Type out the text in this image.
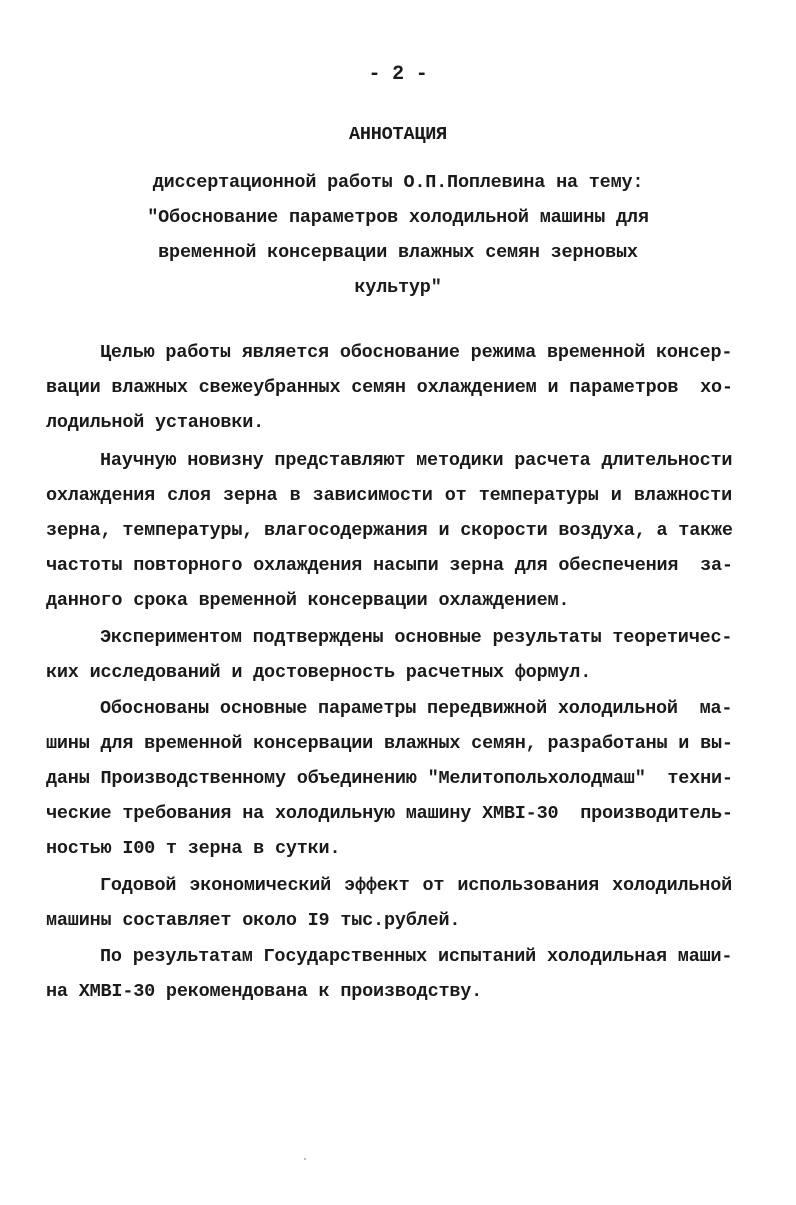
- 2 -
АННОТАЦИЯ
диссертационной работы О.П.Поплевина на тему:
"Обоснование параметров холодильной машины для
временной консервации влажных семян зерновых
культур"
Целью работы является обоснование режима временной консер-
вации влажных свежеубранных семян охлаждением и параметров  хо-
лодильной установки.
Научную новизну представляют методики расчета длительности
охлаждения слоя зерна в зависимости от температуры и влажности
зерна, температуры, влагосодержания и скорости воздуха, а также
частоты повторного охлаждения насыпи зерна для обеспечения  за-
данного срока временной консервации охлаждением.
Экспериментом подтверждены основные результаты теоретичес-
ких исследований и достоверность расчетных формул.
Обоснованы основные параметры передвижной холодильной  ма-
шины для временной консервации влажных семян, разработаны и вы-
даны Производственному объединению "Мелитопольхолодмаш"  техни-
ческие требования на холодильную машину ХМВI-30  производитель-
ностью I00 т зерна в сутки.
Годовой экономический эффект от использования холодильной
машины составляет около I9 тыс.рублей.
По результатам Государственных испытаний холодильная маши-
на ХМВI-30 рекомендована к производству.
